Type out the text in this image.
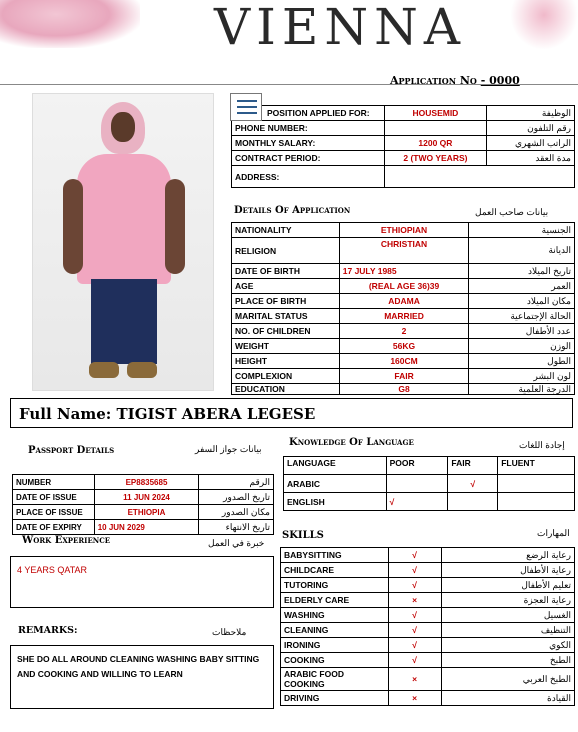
VIENNA
Application No - 0000
POSITION APPLIED FOR:	HOUSEMID	الوظيفة
PHONE NUMBER:		رقم التلفون
MONTHLY SALARY:	1200 QR	الراتب الشهري
CONTRACT PERIOD:	2 (TWO YEARS)	مدة العقد
ADDRESS:		
Details Of Application	بيانات صاحب العمل
NATIONALITY	ETHIOPIAN	الجنسية
RELIGION	CHRISTIAN	الديانة
DATE OF BIRTH	17 JULY 1985	تاريخ الميلاد
AGE	(REAL AGE 36)39	العمر
PLACE OF BIRTH	ADAMA	مكان الميلاد
MARITAL STATUS	MARRIED	الحالة الإجتماعية
NO. OF CHILDREN	2	عدد الأطفال
WEIGHT	56KG	الوزن
HEIGHT	160CM	الطول
COMPLEXION	FAIR	لون البشر
EDUCATION	G8	الدرجة العلمية
Full Name: TIGIST ABERA LEGESE
Passport Details	بيانات جواز السفر
NUMBER	EP8835685	الرقم
DATE OF ISSUE	11 JUN 2024	تاريخ الصدور
PLACE OF ISSUE	ETHIOPIA	مكان الصدور
DATE OF EXPIRY	10 JUN 2029	تاريخ الانتهاء
Work Experience	خبرة في العمل
4 YEARS QATAR
REMARKS:	ملاحظات
SHE DO ALL AROUND CLEANING WASHING BABY SITTING AND COOKING AND WILLING TO LEARN
Knowledge Of Language	إجادة اللغات
LANGUAGE	POOR	FAIR	FLUENT
ARABIC		√	
ENGLISH	√		
SKILLS	المهارات
BABYSITTING	√	رعاية الرضع
CHILDCARE	√	رعاية الأطفال
TUTORING	√	تعليم الأطفال
ELDERLY CARE	×	رعاية العجزة
WASHING	√	الغسيل
CLEANING	√	التنظيف
IRONING	√	الكوي
COOKING	√	الطبخ
ARABIC FOOD COOKING	×	الطبخ العربي
DRIVING	×	القيادة
